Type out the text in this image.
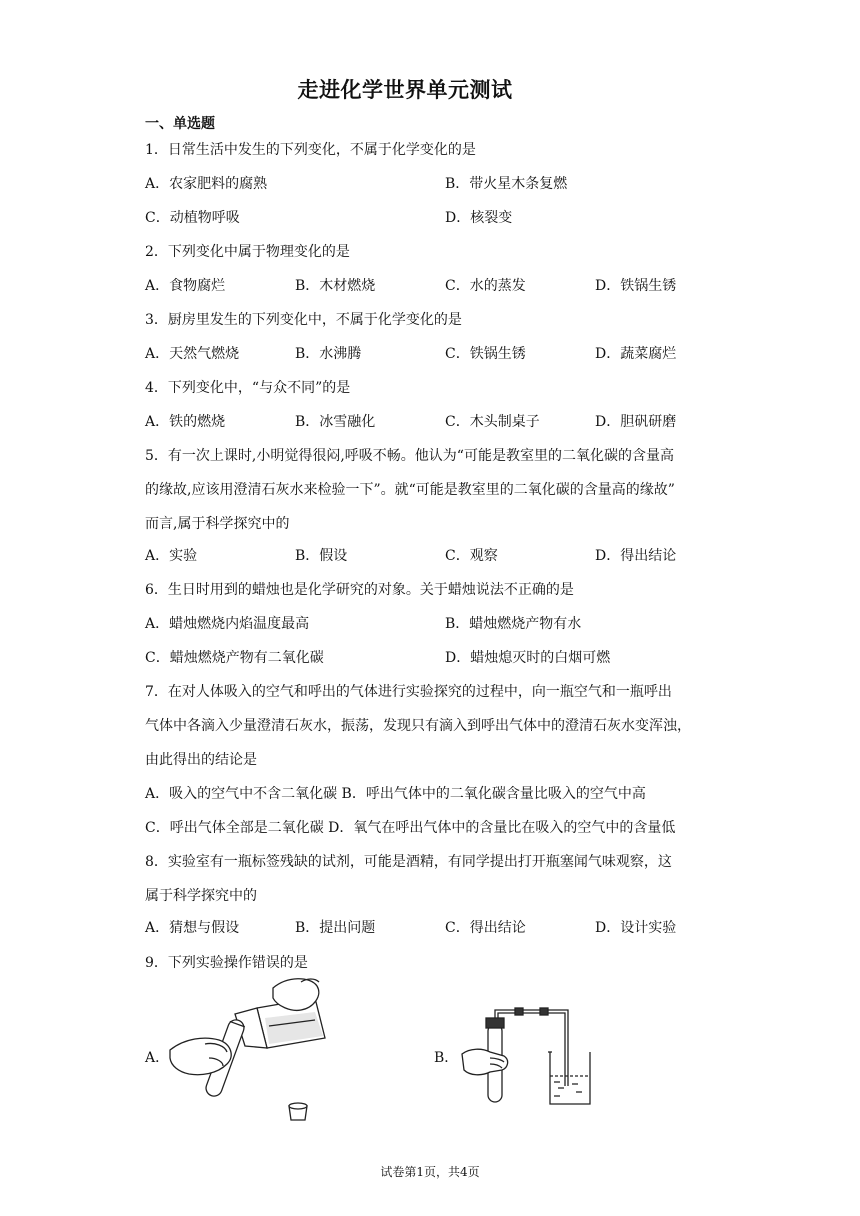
走进化学世界单元测试
一、单选题
1．日常生活中发生的下列变化，不属于化学变化的是
A．农家肥料的腐熟	B．带火星木条复燃
C．动植物呼吸	D．核裂变
2．下列变化中属于物理变化的是
A．食物腐烂	B．木材燃烧	C．水的蒸发	D．铁锅生锈
3．厨房里发生的下列变化中，不属于化学变化的是
A．天然气燃烧	B．水沸腾	C．铁锅生锈	D．蔬菜腐烂
4．下列变化中，“与众不同”的是
A．铁的燃烧	B．冰雪融化	C．木头制桌子	D．胆矾研磨
5．有一次上课时,小明觉得很闷,呼吸不畅。他认为“可能是教室里的二氧化碳的含量高
的缘故,应该用澄清石灰水来检验一下”。就“可能是教室里的二氧化碳的含量高的缘故”
而言,属于科学探究中的
A．实验	B．假设	C．观察	D．得出结论
6．生日时用到的蜡烛也是化学研究的对象。关于蜡烛说法不正确的是
A．蜡烛燃烧内焰温度最高	B．蜡烛燃烧产物有水
C．蜡烛燃烧产物有二氧化碳	D．蜡烛熄灭时的白烟可燃
7．在对人体吸入的空气和呼出的气体进行实验探究的过程中，向一瓶空气和一瓶呼出
气体中各滴入少量澄清石灰水，振荡，发现只有滴入到呼出气体中的澄清石灰水变浑浊，
由此得出的结论是
A．吸入的空气中不含二氧化碳 B．呼出气体中的二氧化碳含量比吸入的空气中高
C．呼出气体全部是二氧化碳 D．氧气在呼出气体中的含量比在吸入的空气中的含量低
8．实验室有一瓶标签残缺的试剂，可能是酒精，有同学提出打开瓶塞闻气味观察，这
属于科学探究中的
A．猜想与假设	B．提出问题	C．得出结论	D．设计实验
9．下列实验操作错误的是
A．	B．
试卷第1页，共4页
